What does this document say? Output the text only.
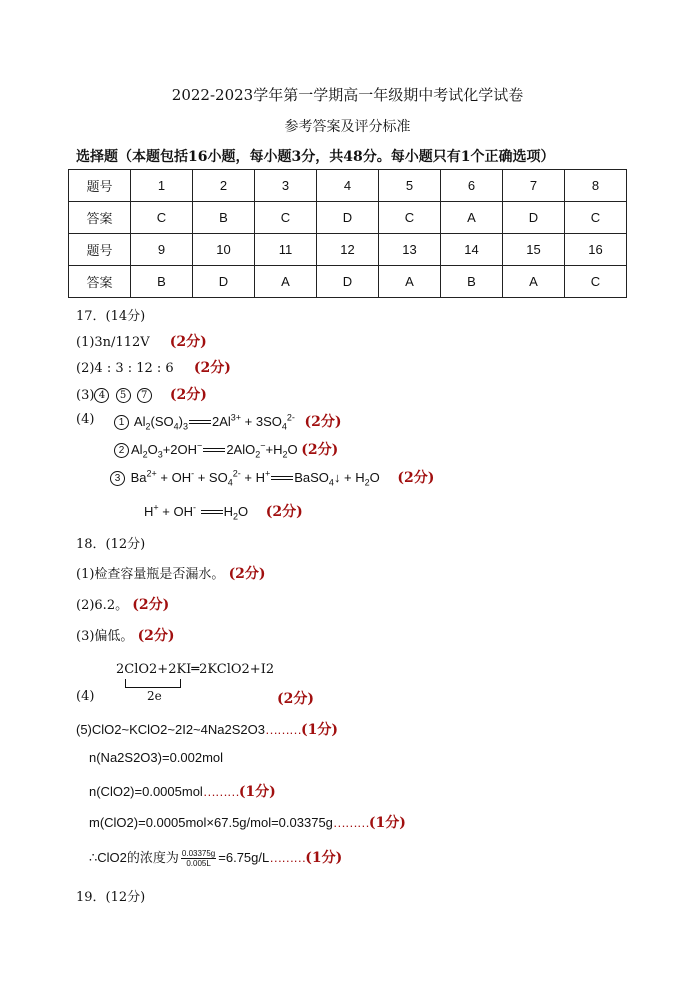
2022-2023学年第一学期高一年级期中考试化学试卷
参考答案及评分标准
选择题（本题包括16小题，每小题3分，共48分。每小题只有1个正确选项）
题号	1	2	3	4	5	6	7	8
答案	C	B	C	D	C	A	D	C
题号	9	10	11	12	13	14	15	16
答案	B	D	A	D	A	B	A	C
17．(14分)
(1)3n/112V (2分)
(2)4 : 3 : 12 : 6 (2分)
(3) 4 5 7 (2分)
(4)	1 $Al_2(SO_4)_3$ $2Al^{3+} + 3SO_4^{2-}$ (2分)
2 $Al_2O_3+2OH^-$ $2AlO_2^-+H_2O$ (2分)
3 $Ba^{2+} + OH^- + SO_4^{2-} + H^+$ BaSO$_4$↓ + $H_2O$ (2分)
H+ + OH- $H_2O$ (2分)
18．(12分)
(1)检查容量瓶是否漏水。 (2分)
(2)6.2。 (2分)
(3)偏低。 (2分)
2ClO2+2KI═2KClO2+I2
2e
(4)	(2分)
(5)ClO2~KClO2~2I2~4Na2S2O3………(1分)
n(Na2S2O3)=0.002mol
n(ClO2)=0.0005mol………(1分)
m(ClO2)=0.0005mol×67.5g/mol=0.03375g………(1分)
∴ClO2的浓度为 $\frac{0.03375g}{0.005L}$ =6.75g/L………(1分)
19．(12分)
